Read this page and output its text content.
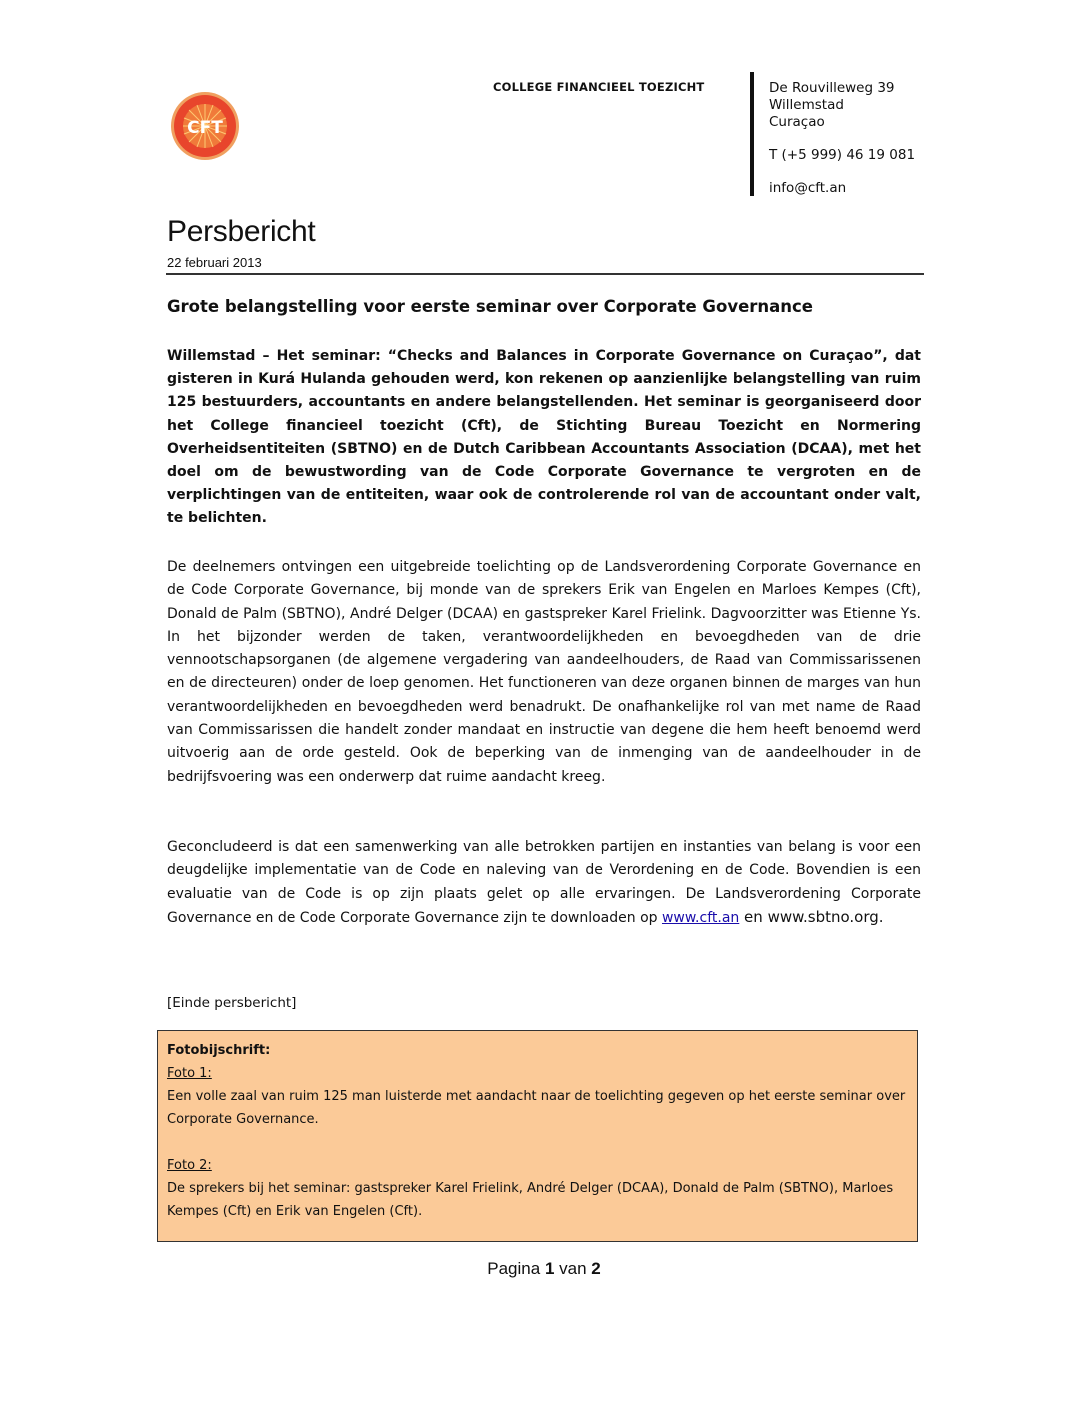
CFT
COLLEGE FINANCIEEL TOEZICHT	De Rouvilleweg 39
Willemstad
Curaçao
T (+5 999) 46 19 081
info@cft.an
Persbericht
22 februari 2013
Grote belangstelling voor eerste seminar over Corporate Governance
Willemstad – Het seminar: “Checks and Balances in Corporate Governance on Curaçao”, dat gisteren in Kurá Hulanda gehouden werd, kon rekenen op aanzienlijke belangstelling van ruim 125 bestuurders, accountants en andere belangstellenden. Het seminar is georganiseerd door het College financieel toezicht (Cft), de Stichting Bureau Toezicht en Normering Overheidsentiteiten (SBTNO) en de Dutch Caribbean Accountants Association (DCAA), met het doel om de bewustwording van de Code Corporate Governance te vergroten en de verplichtingen van de entiteiten, waar ook de controlerende rol van de accountant onder valt, te belichten.
De deelnemers ontvingen een uitgebreide toelichting op de Landsverordening Corporate Governance en de Code Corporate Governance, bij monde van de sprekers Erik van Engelen en Marloes Kempes (Cft), Donald de Palm (SBTNO), André Delger (DCAA) en gastspreker Karel Frielink. Dagvoorzitter was Etienne Ys. In het bijzonder werden de taken, verantwoordelijkheden en bevoegdheden van de drie vennootschapsorganen (de algemene vergadering van aandeelhouders, de Raad van Commissarissenen en de directeuren) onder de loep genomen. Het functioneren van deze organen binnen de marges van hun verantwoordelijkheden en bevoegdheden werd benadrukt. De onafhankelijke rol van met name de Raad van Commissarissen die handelt zonder mandaat en instructie van degene die hem heeft benoemd werd uitvoerig aan de orde gesteld. Ook de beperking van de inmenging van de aandeelhouder in de bedrijfsvoering was een onderwerp dat ruime aandacht kreeg.
Geconcludeerd is dat een samenwerking van alle betrokken partijen en instanties van belang is voor een deugdelijke implementatie van de Code en naleving van de Verordening en de Code. Bovendien is een evaluatie van de Code is op zijn plaats gelet op alle ervaringen. De Landsverordening Corporate Governance en de Code Corporate Governance zijn te downloaden op www.cft.an en www.sbtno.org.
[Einde persbericht]
Fotobijschrift:
Foto 1:
Een volle zaal van ruim 125 man luisterde met aandacht naar de toelichting gegeven op het eerste seminar over Corporate Governance.
Foto 2:
De sprekers bij het seminar: gastspreker Karel Frielink, André Delger (DCAA), Donald de Palm (SBTNO), Marloes Kempes (Cft) en Erik van Engelen (Cft).
Pagina 1 van 2
